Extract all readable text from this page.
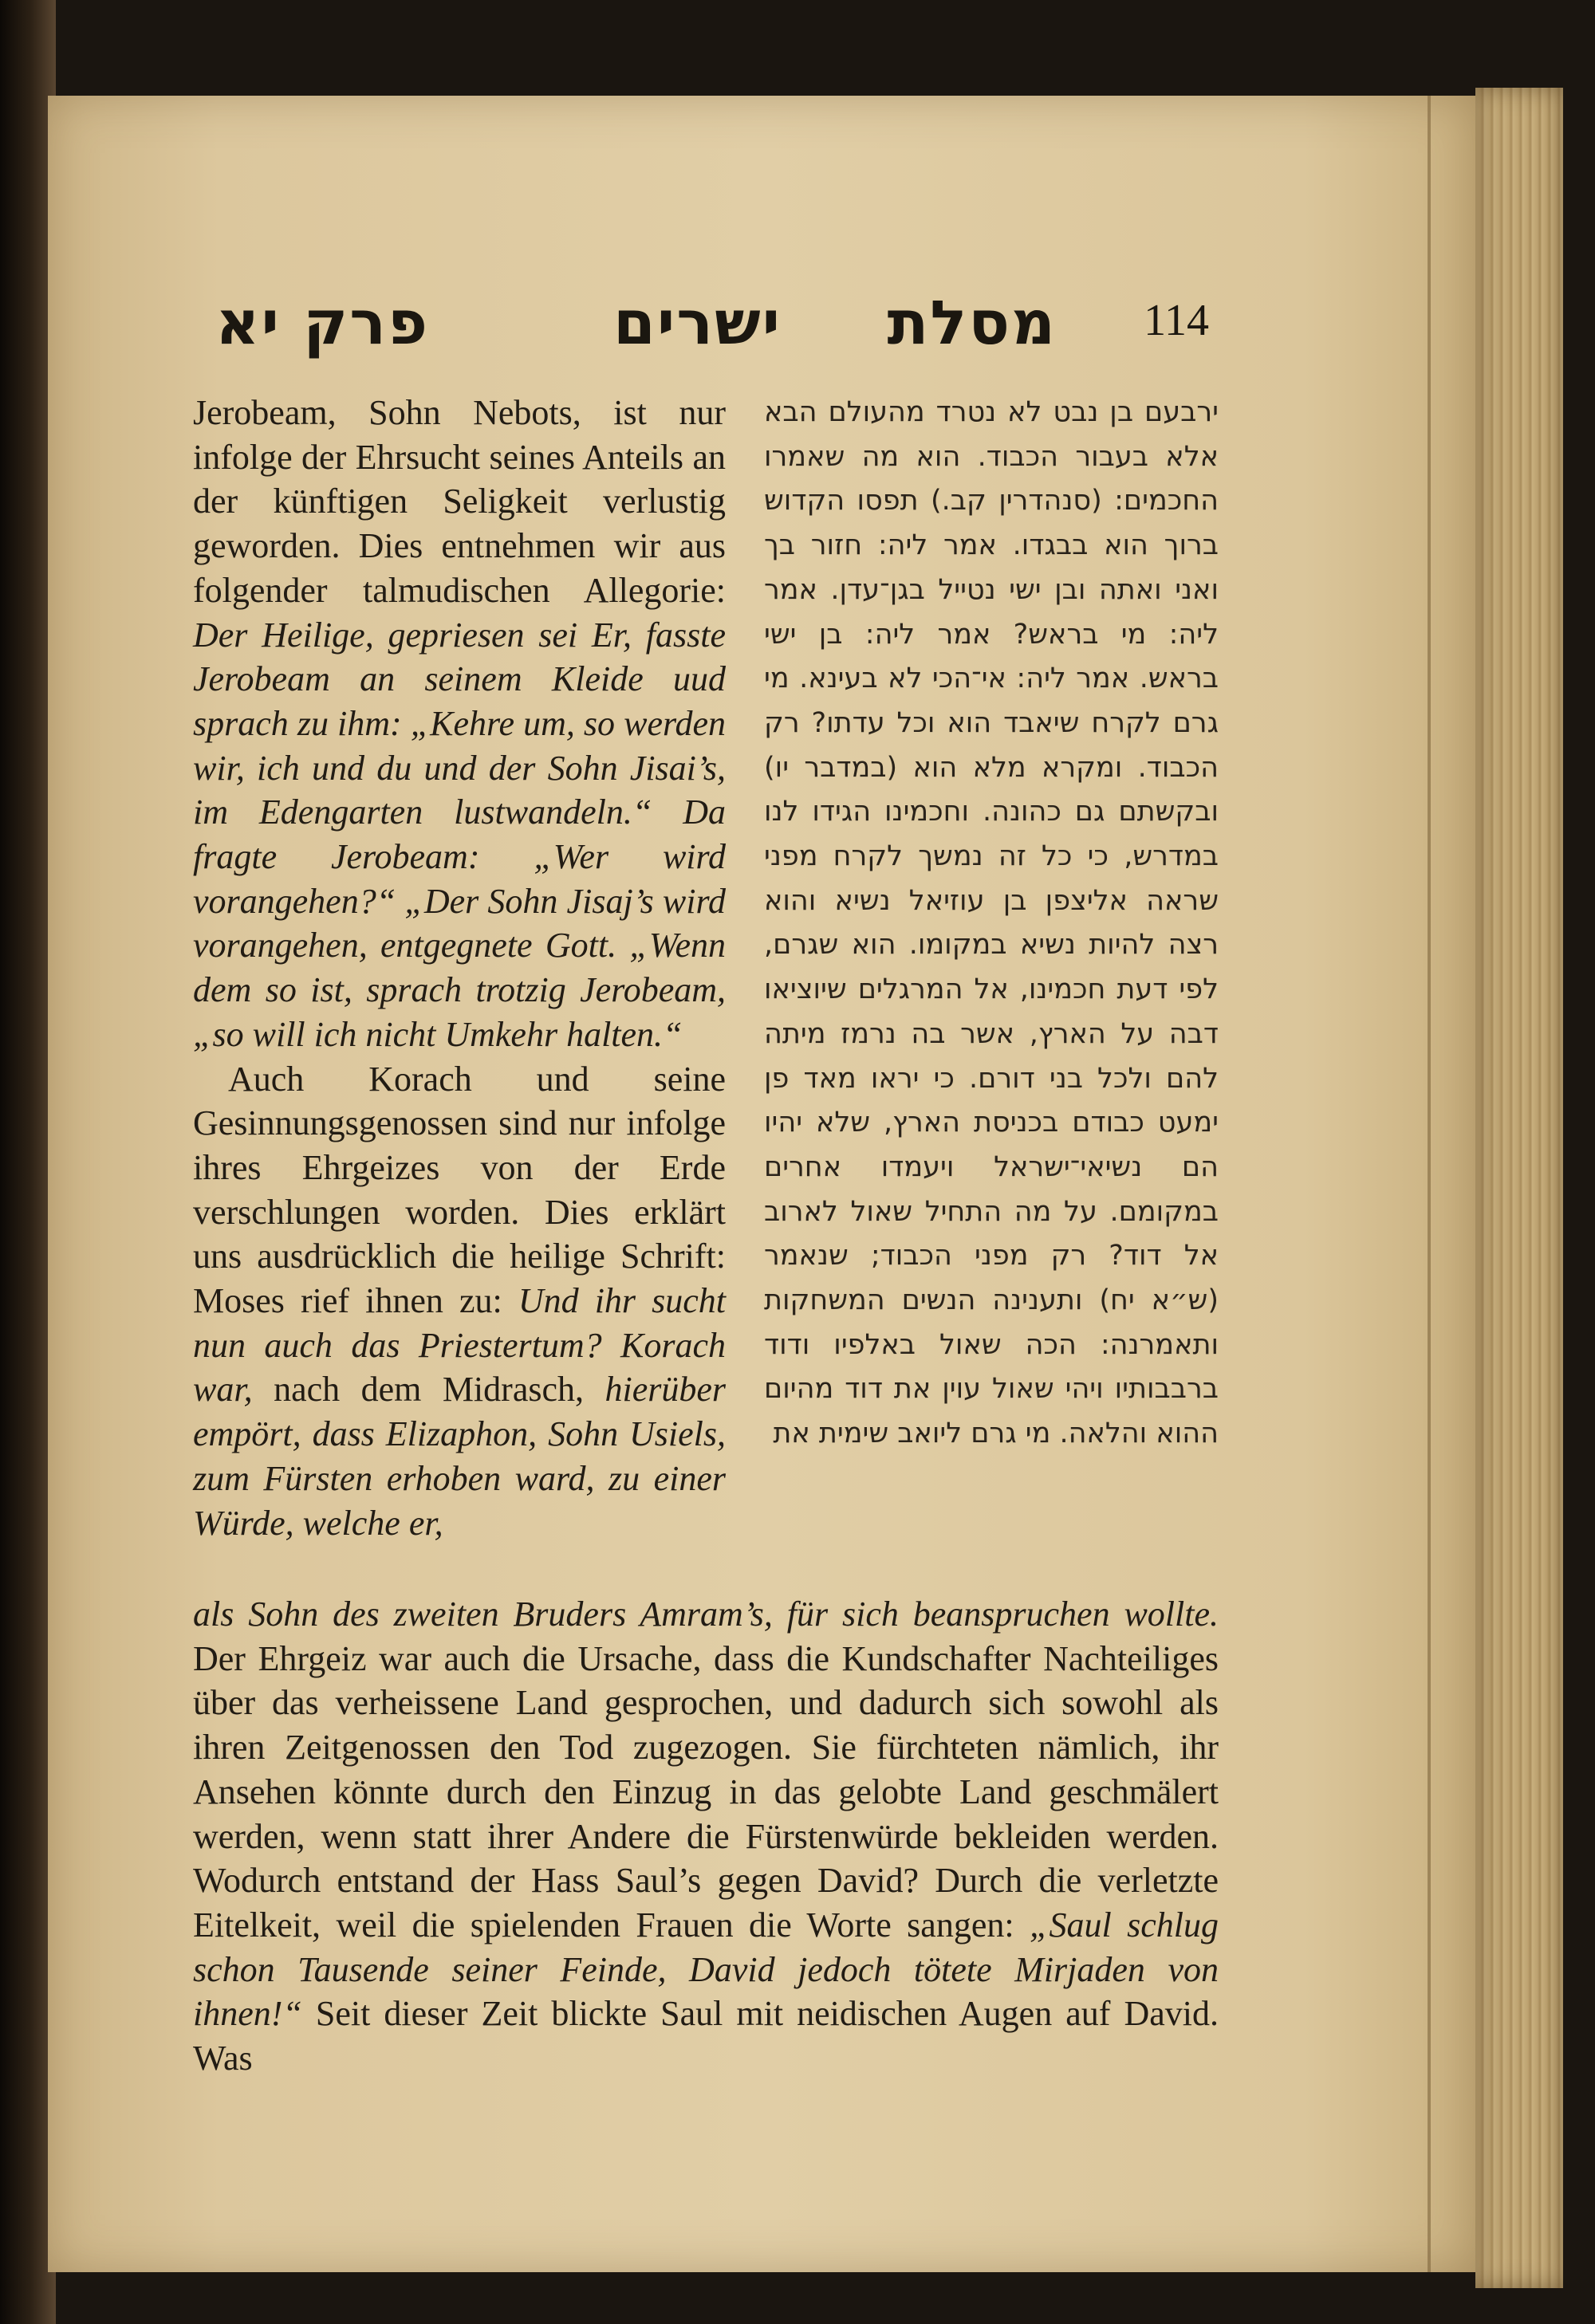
פרק יא	ישרים מסלת 114

Jerobeam, Sohn Nebots, ist nur infolge der Ehrsucht seines Anteils an der künftigen Seligkeit verlustig geworden. Dies entnehmen wir aus folgender talmudischen Allegorie: Der Heilige, gepriesen sei Er, fasste Jerobeam an seinem Kleide uud sprach zu ihm: „Kehre um, so werden wir, ich und du und der Sohn Jisai’s, im Edengarten lustwandeln.“ Da fragte Jerobeam: „Wer wird vorangehen?“ „Der Sohn Jisaj’s wird vorangehen, entgegnete Gott. „Wenn dem so ist, sprach trotzig Jerobeam, „so will ich nicht Umkehr halten.“

Auch Korach und seine Gesinnungsgenossen sind nur infolge ihres Ehrgeizes von der Erde verschlungen worden. Dies erklärt uns ausdrücklich die heilige Schrift: Moses rief ihnen zu: Und ihr sucht nun auch das Priestertum? Korach war, nach dem Midrasch, hierüber empört, dass Elizaphon, Sohn Usiels, zum Fürsten erhoben ward, zu einer Würde, welche er,

ירבעם בן נבט לא נטרד מהעולם הבא אלא בעבור הכבוד. הוא מה שאמרו החכמים: (סנהדרין קב.) תפסו הקדוש ברוך הוא בבגדו. אמר ליה: חזור בך ואני ואתה ובן ישי נטייל בגן־עדן. אמר ליה: מי בראש? אמר ליה: בן ישי בראש. אמר ליה: אי־הכי לא בעינא. מי גרם לקרח שיאבד הוא וכל עדתו? רק הכבוד. ומקרא מלא הוא (במדבר יו) ובקשתם גם כהונה. וחכמינו הגידו לנו במדרש, כי כל זה נמשך לקרח מפני שראה אליצפן בן עוזיאל נשיא והוא רצה להיות נשיא במקומו. הוא שגרם, לפי דעת חכמינו, אל המרגלים שיוציאו דבה על הארץ, אשר בה נרמז מיתה להם ולכל בני דורם. כי יראו מאד פן ימעט כבודם בכניסת הארץ, שלא יהיו הם נשיאי־ישראל ויעמדו אחרים במקומם. על מה התחיל שאול לארוב אל דוד? רק מפני הכבוד; שנאמר (ש״א יח) ותענינה הנשים המשחקות ותאמרנה: הכה שאול באלפיו ודוד ברבבותיו ויהי שאול עוין את דוד מהיום ההוא והלאה. מי גרם ליואב שימית את
als Sohn des zweiten Bruders Amram’s, für sich beanspruchen wollte. Der Ehrgeiz war auch die Ursache, dass die Kundschafter Nachteiliges über das verheissene Land gesprochen, und dadurch sich sowohl als ihren Zeitgenossen den Tod zugezogen. Sie fürchteten nämlich, ihr Ansehen könnte durch den Einzug in das gelobte Land geschmälert werden, wenn statt ihrer Andere die Fürstenwürde bekleiden werden. Wodurch entstand der Hass Saul’s gegen David? Durch die verletzte Eitelkeit, weil die spielenden Frauen die Worte sangen: „Saul schlug schon Tausende seiner Feinde, David jedoch tötete Mirjaden von ihnen!“ Seit dieser Zeit blickte Saul mit neidischen Augen auf David. Was
